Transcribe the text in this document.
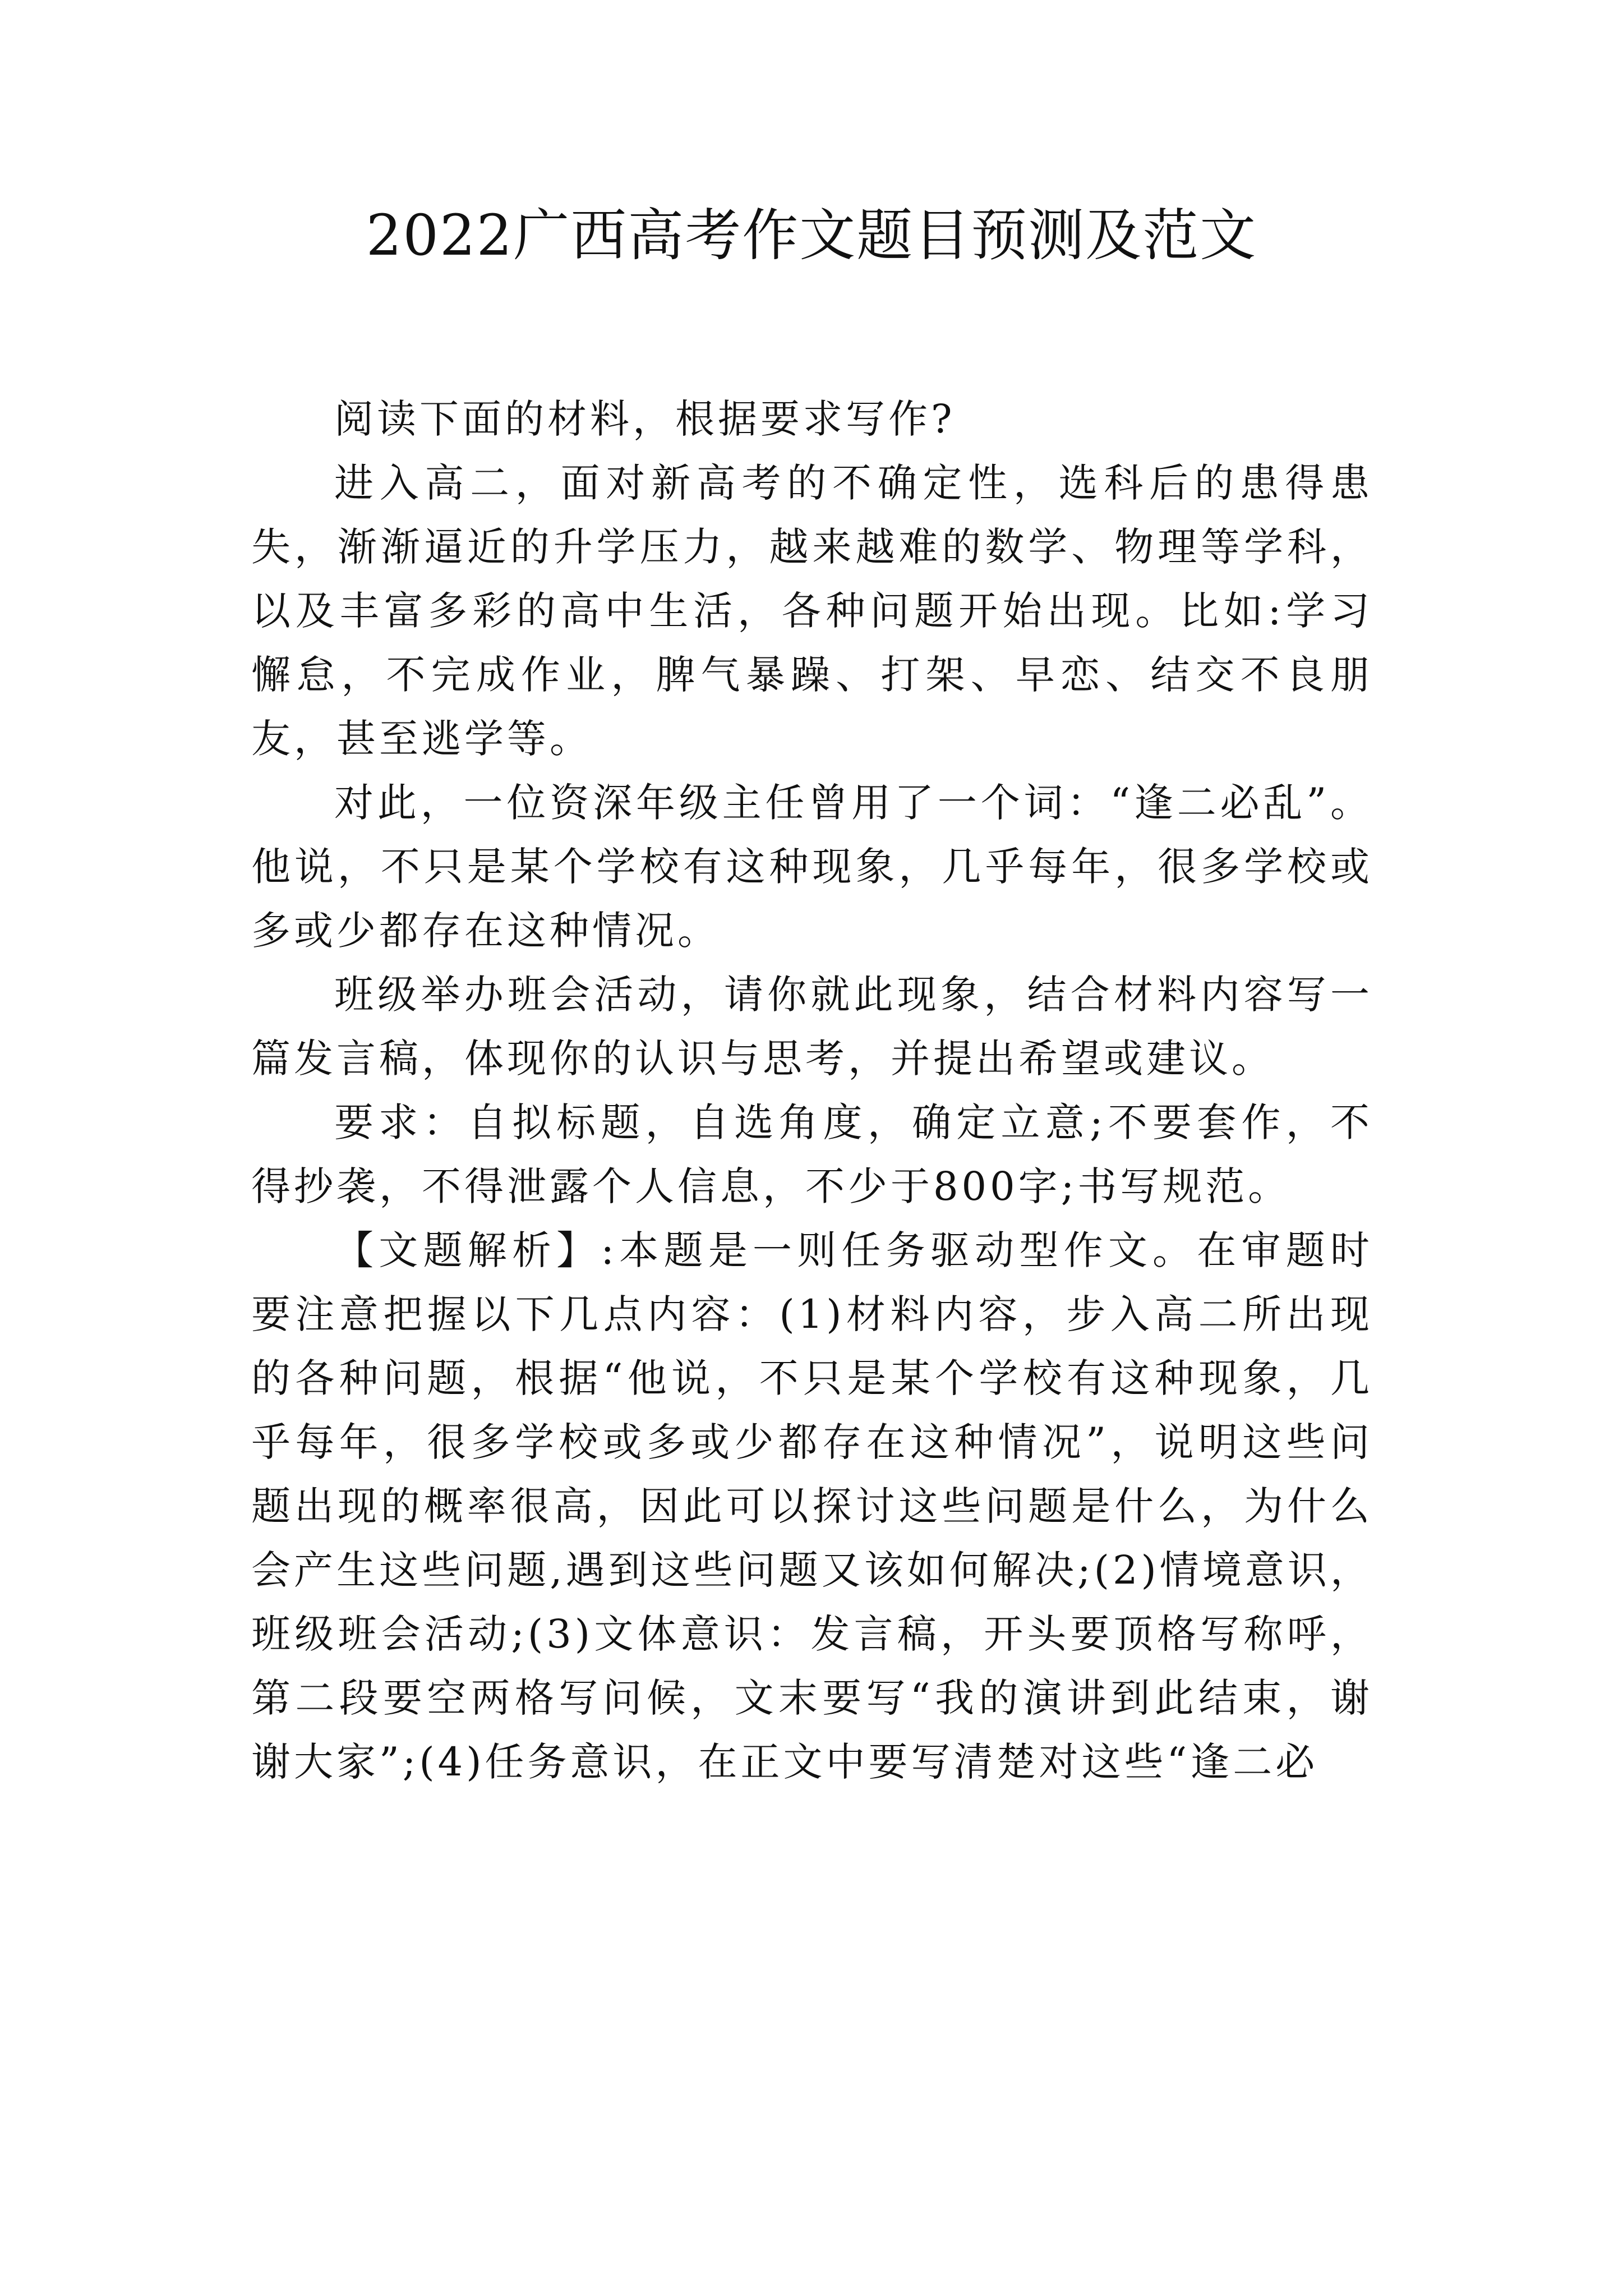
2022广西高考作文题目预测及范文

阅读下面的材料，根据要求写作?

进入高二，面对新高考的不确定性，选科后的患得患失，渐渐逼近的升学压力，越来越难的数学、物理等学科，以及丰富多彩的高中生活，各种问题开始出现。比如:学习懈怠，不完成作业，脾气暴躁、打架、早恋、结交不良朋友，甚至逃学等。

对此，一位资深年级主任曾用了一个词：“逢二必乱”。他说，不只是某个学校有这种现象，几乎每年，很多学校或多或少都存在这种情况。

班级举办班会活动，请你就此现象，结合材料内容写一篇发言稿，体现你的认识与思考，并提出希望或建议。

要求：自拟标题，自选角度，确定立意;不要套作，不得抄袭，不得泄露个人信息，不少于800字;书写规范。

【文题解析】:本题是一则任务驱动型作文。在审题时要注意把握以下几点内容：(1)材料内容，步入高二所出现的各种问题，根据“他说，不只是某个学校有这种现象，几乎每年，很多学校或多或少都存在这种情况”，说明这些问题出现的概率很高，因此可以探讨这些问题是什么，为什么会产生这些问题,遇到这些问题又该如何解决;(2)情境意识，班级班会活动;(3)文体意识：发言稿，开头要顶格写称呼，第二段要空两格写问候，文末要写“我的演讲到此结束，谢谢大家”;(4)任务意识，在正文中要写清楚对这些“逢二必
